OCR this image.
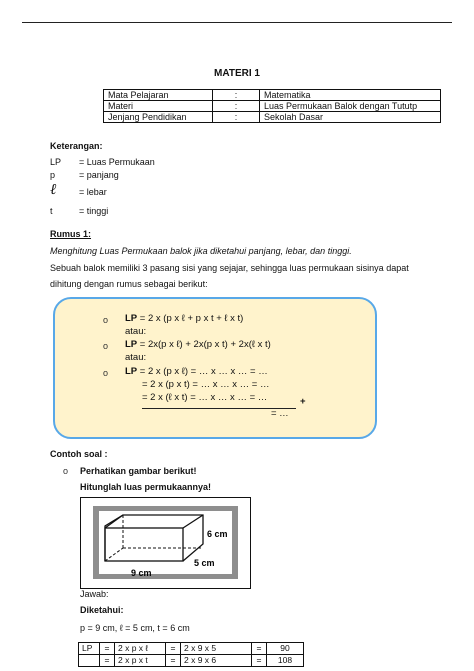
MATERI 1
Mata Pelajaran	:	Matematika
Materi	:	Luas Permukaan Balok dengan Tututp
Jenjang Pendidikan	:	Sekolah Dasar
Keterangan:
LP = Luas Permukaan
p	= panjang
ℓ	= lebar
t	= tinggi
Rumus 1:
Menghitung Luas Permukaan balok jika diketahui panjang, lebar, dan tinggi.
Sebuah balok memiliki 3 pasang sisi yang sejajar, sehingga luas permukaan sisinya dapat
dihitung dengan rumus sebagai berikut:
o LP = 2 x (p x ℓ + p x t + ℓ x t)
atau:
o LP = 2x(p x ℓ) + 2x(p x t) + 2x(ℓ x t)
atau:
o LP = 2 x (p x ℓ) = … x … x … = …
= 2 x (p x t) = … x … x … = …
= 2 x (ℓ x t) = … x … x … = …	+
= …
Contoh soal :
o Perhatikan gambar berikut!
Hitunglah luas permukaannya!
6 cm
5 cm
9 cm
Jawab:
Diketahui:
p = 9 cm, ℓ = 5 cm, t = 6 cm
LP	=	2 x p x ℓ	=	2 x 9 x 5	=	90
	=	2 x p x t	=	2 x 9 x 6	=	108
